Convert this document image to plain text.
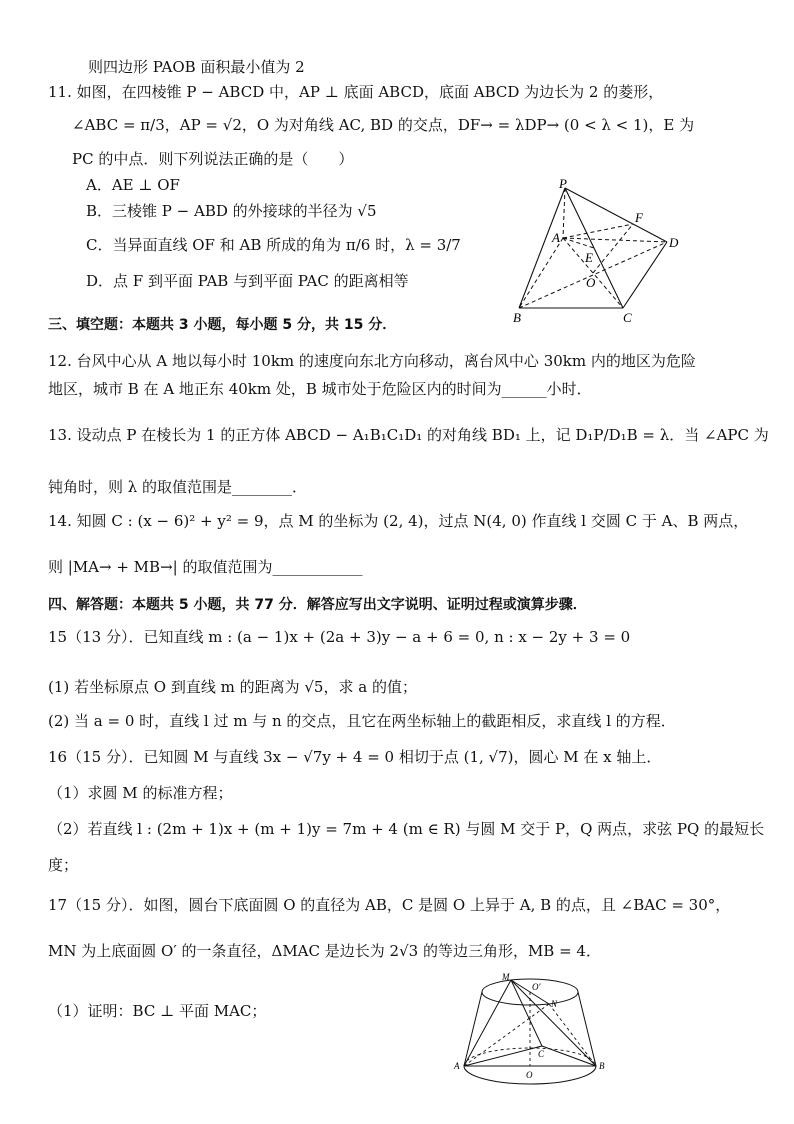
则四边形 PAOB 面积最小值为 2
11. 如图，在四棱锥 P − ABCD 中，AP ⊥ 底面 ABCD，底面 ABCD 为边长为 2 的菱形，
∠ABC = π/3，AP = √2，O 为对角线 AC, BD 的交点，DF→ = λDP→ (0 < λ < 1)，E 为
PC 的中点．则下列说法正确的是（　　）
A．AE ⊥ OF
B．三棱锥 P − ABD 的外接球的半径为 √5
C．当异面直线 OF 和 AB 所成的角为 π/6 时，λ = 3/7
D．点 F 到平面 PAB 与到平面 PAC 的距离相等
三、填空题：本题共 3 小题，每小题 5 分，共 15 分．
12. 台风中心从 A 地以每小时 10km 的速度向东北方向移动，离台风中心 30km 内的地区为危险
地区，城市 B 在 A 地正东 40km 处，B 城市处于危险区内的时间为______小时．
13. 设动点 P 在棱长为 1 的正方体 ABCD − A₁B₁C₁D₁ 的对角线 BD₁ 上，记 D₁P/D₁B = λ．当 ∠APC 为
钝角时，则 λ 的取值范围是________．
14. 知圆 C : (x − 6)² + y² = 9，点 M 的坐标为 (2, 4)，过点 N(4, 0) 作直线 l 交圆 C 于 A、B 两点，
则 |MA→ + MB→| 的取值范围为____________
四、解答题：本题共 5 小题，共 77 分．解答应写出文字说明、证明过程或演算步骤．
15（13 分）．已知直线 m : (a − 1)x + (2a + 3)y − a + 6 = 0, n : x − 2y + 3 = 0
(1) 若坐标原点 O 到直线 m 的距离为 √5，求 a 的值；
(2) 当 a = 0 时，直线 l 过 m 与 n 的交点，且它在两坐标轴上的截距相反，求直线 l 的方程．
16（15 分）．已知圆 M 与直线 3x − √7y + 4 = 0 相切于点 (1, √7)，圆心 M 在 x 轴上．
（1）求圆 M 的标准方程；
（2）若直线 l : (2m + 1)x + (m + 1)y = 7m + 4 (m ∈ R) 与圆 M 交于 P，Q 两点，求弦 PQ 的最短长
度；
17（15 分）．如图，圆台下底面圆 O 的直径为 AB，C 是圆 O 上异于 A, B 的点，且 ∠BAC = 30°，
MN 为上底面圆 O′ 的一条直径，ΔMAC 是边长为 2√3 的等边三角形，MB = 4．
（1）证明：BC ⊥ 平面 MAC；
P
A
B	C
D
E
F
O
M
O′
N
A	B
C
O
